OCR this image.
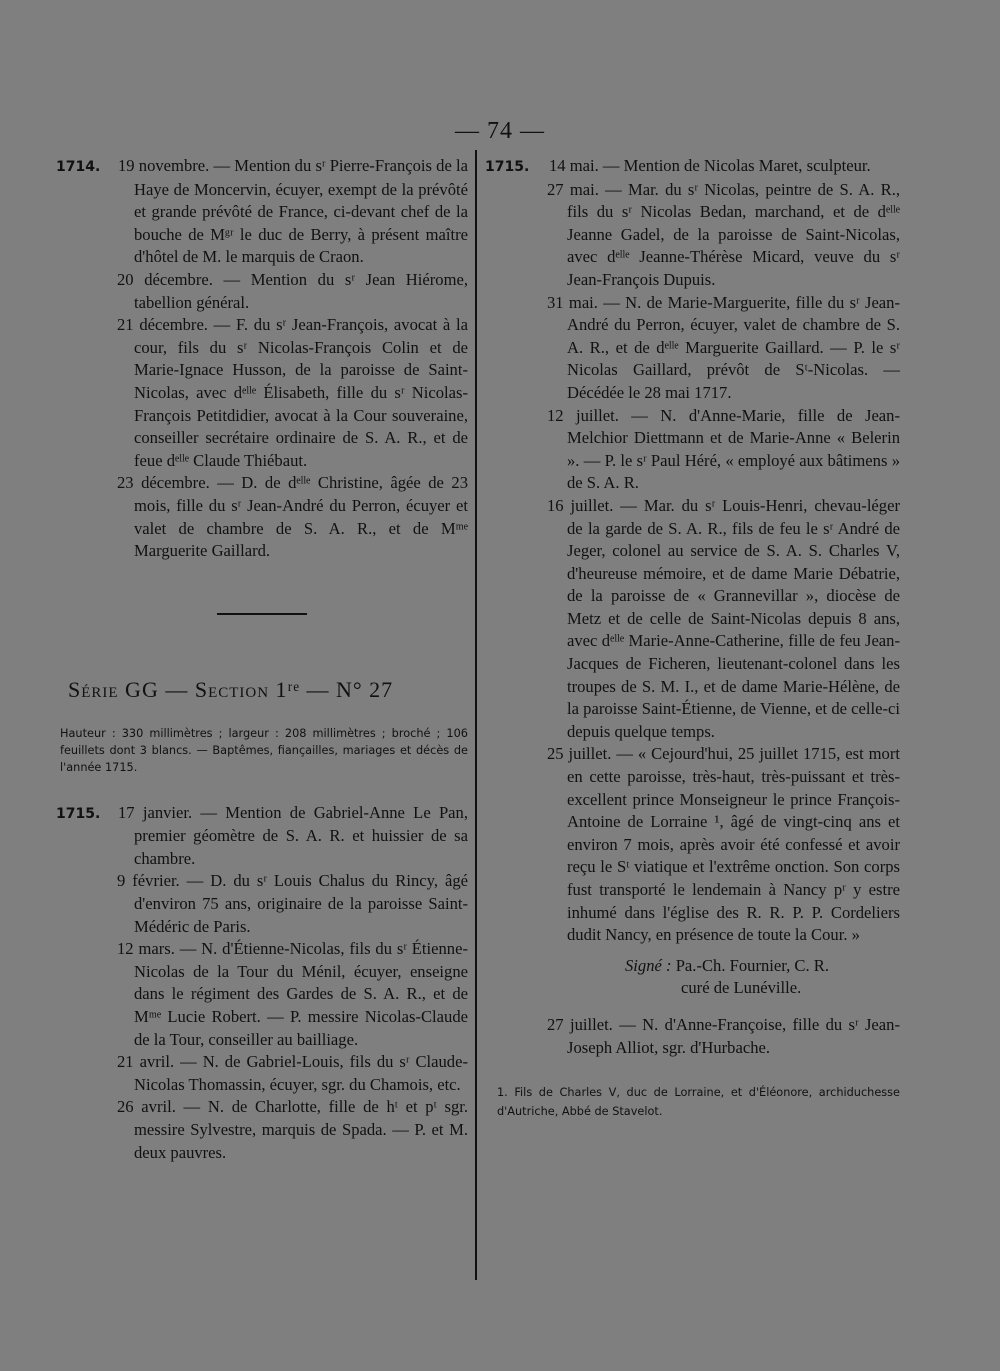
— 74 —

1714. 19 novembre. — Mention du sʳ Pierre-François de la Haye de Moncervin, écuyer, exempt de la prévôté et grande prévôté de France, ci-devant chef de la bouche de Mᵍʳ le duc de Berry, à présent maître d'hôtel de M. le marquis de Craon.

20 décembre. — Mention du sʳ Jean Hiérome, tabellion général.

21 décembre. — F. du sʳ Jean-François, avocat à la cour, fils du sʳ Nicolas-François Colin et de Marie-Ignace Husson, de la paroisse de Saint-Nicolas, avec dᵉˡˡᵉ Élisabeth, fille du sʳ Nicolas-François Petitdidier, avocat à la Cour souveraine, conseiller secrétaire ordinaire de S. A. R., et de feue dᵉˡˡᵉ Claude Thiébaut.

23 décembre. — D. de dᵉˡˡᵉ Christine, âgée de 23 mois, fille du sʳ Jean-André du Perron, écuyer et valet de chambre de S. A. R., et de Mᵐᵉ Marguerite Gaillard.

Série GG — Section 1ʳᵉ — N° 27
Hauteur : 330 millimètres ; largeur : 208 millimètres ; broché ; 106 feuillets dont 3 blancs. — Baptêmes, fiançailles, mariages et décès de l'année 1715.

1715. 17 janvier. — Mention de Gabriel-Anne Le Pan, premier géomètre de S. A. R. et huissier de sa chambre.

9 février. — D. du sʳ Louis Chalus du Rincy, âgé d'environ 75 ans, originaire de la paroisse Saint-Médéric de Paris.

12 mars. — N. d'Étienne-Nicolas, fils du sʳ Étienne-Nicolas de la Tour du Ménil, écuyer, enseigne dans le régiment des Gardes de S. A. R., et de Mᵐᵉ Lucie Robert. — P. messire Nicolas-Claude de la Tour, conseiller au bailliage.

21 avril. — N. de Gabriel-Louis, fils du sʳ Claude-Nicolas Thomassin, écuyer, sgr. du Chamois, etc.

26 avril. — N. de Charlotte, fille de hᵗ et pᵗ sgr. messire Sylvestre, marquis de Spada. — P. et M. deux pauvres.

1715. 14 mai. — Mention de Nicolas Maret, sculpteur.

27 mai. — Mar. du sʳ Nicolas, peintre de S. A. R., fils du sʳ Nicolas Bedan, marchand, et de dᵉˡˡᵉ Jeanne Gadel, de la paroisse de Saint-Nicolas, avec dᵉˡˡᵉ Jeanne-Thérèse Micard, veuve du sʳ Jean-François Dupuis.

31 mai. — N. de Marie-Marguerite, fille du sʳ Jean-André du Perron, écuyer, valet de chambre de S. A. R., et de dᵉˡˡᵉ Marguerite Gaillard. — P. le sʳ Nicolas Gaillard, prévôt de Sᵗ-Nicolas. — Décédée le 28 mai 1717.

12 juillet. — N. d'Anne-Marie, fille de Jean-Melchior Diettmann et de Marie-Anne « Belerin ». — P. le sʳ Paul Héré, « employé aux bâtimens » de S. A. R.

16 juillet. — Mar. du sʳ Louis-Henri, chevau-léger de la garde de S. A. R., fils de feu le sʳ André de Jeger, colonel au service de S. A. S. Charles V, d'heureuse mémoire, et de dame Marie Débatrie, de la paroisse de « Grannevillar », diocèse de Metz et de celle de Saint-Nicolas depuis 8 ans, avec dᵉˡˡᵉ Marie-Anne-Catherine, fille de feu Jean-Jacques de Ficheren, lieutenant-colonel dans les troupes de S. M. I., et de dame Marie-Hélène, de la paroisse Saint-Étienne, de Vienne, et de celle-ci depuis quelque temps.

25 juillet. — « Cejourd'hui, 25 juillet 1715, est mort en cette paroisse, très-haut, très-puissant et très-excellent prince Monseigneur le prince François-Antoine de Lorraine ¹, âgé de vingt-cinq ans et environ 7 mois, après avoir été confessé et avoir reçu le Sᵗ viatique et l'extrême onction. Son corps fust transporté le lendemain à Nancy pʳ y estre inhumé dans l'église des R. R. P. P. Cordeliers dudit Nancy, en présence de toute la Cour. »

Signé : Pa.-Ch. Fournier, C. R.
curé de Lunéville.

27 juillet. — N. d'Anne-Françoise, fille du sʳ Jean-Joseph Alliot, sgr. d'Hurbache.

1. Fils de Charles V, duc de Lorraine, et d'Éléonore, archiduchesse d'Autriche, Abbé de Stavelot.
